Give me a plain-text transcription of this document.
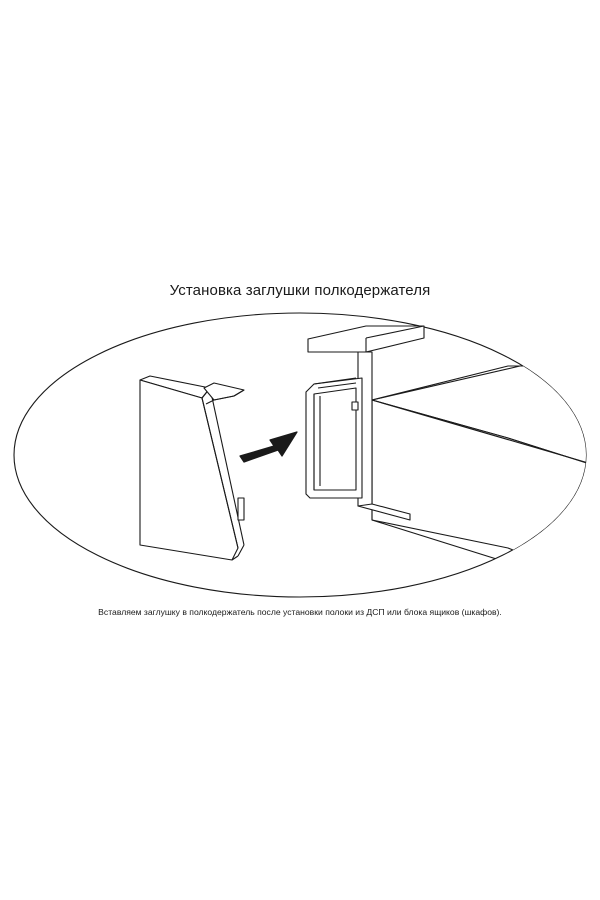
Установка заглушки полкодержателя
Вставляем заглушку в полкодержатель после установки полоки из ДСП или блока ящиков (шкафов).
